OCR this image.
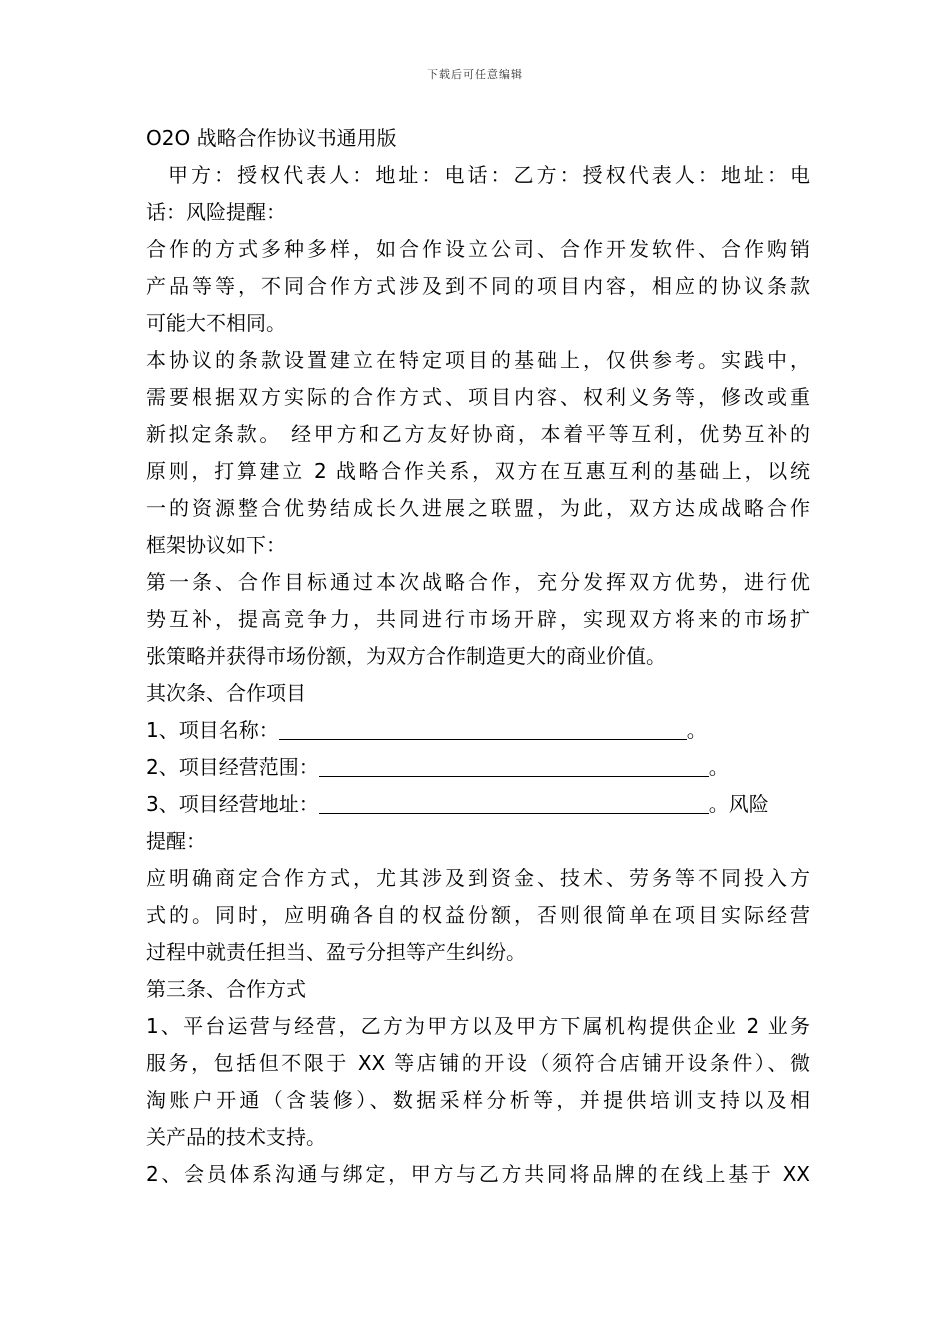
下载后可任意编辑
O2O 战略合作协议书通用版
甲方：授权代表人：地址：电话：乙方：授权代表人：地址：电
话：风险提醒：
合作的方式多种多样，如合作设立公司、合作开发软件、合作购销
产品等等，不同合作方式涉及到不同的项目内容，相应的协议条款
可能大不相同。
本协议的条款设置建立在特定项目的基础上，仅供参考。实践中，
需要根据双方实际的合作方式、项目内容、权利义务等，修改或重
新拟定条款。 经甲方和乙方友好协商，本着平等互利，优势互补的
原则，打算建立 2 战略合作关系，双方在互惠互利的基础上，以统
一的资源整合优势结成长久进展之联盟，为此，双方达成战略合作
框架协议如下：
第一条、合作目标通过本次战略合作，充分发挥双方优势，进行优
势互补，提高竞争力，共同进行市场开辟，实现双方将来的市场扩
张策略并获得市场份额，为双方合作制造更大的商业价值。
其次条、合作项目
1、项目名称：	。
2、项目经营范围：	。
3、项目经营地址：	。风险
提醒：
应明确商定合作方式，尤其涉及到资金、技术、劳务等不同投入方
式的。同时，应明确各自的权益份额，否则很简单在项目实际经营
过程中就责任担当、盈亏分担等产生纠纷。
第三条、合作方式
1、平台运营与经营，乙方为甲方以及甲方下属机构提供企业 2 业务
服务，包括但不限于 XX 等店铺的开设（须符合店铺开设条件）、微
淘账户开通（含装修）、数据采样分析等，并提供培训支持以及相
关产品的技术支持。
2、会员体系沟通与绑定，甲方与乙方共同将品牌的在线上基于 XX
